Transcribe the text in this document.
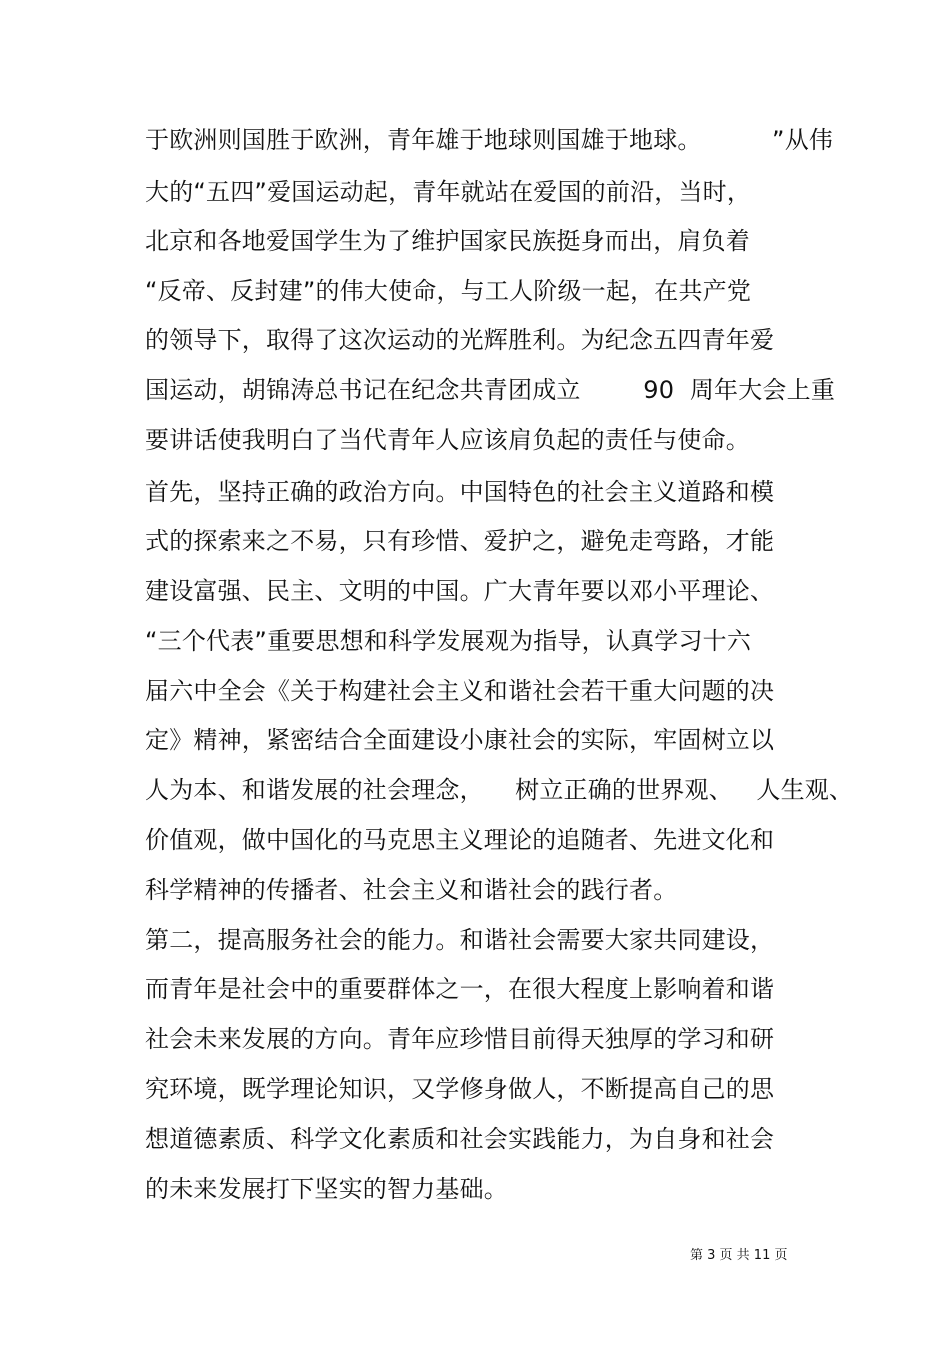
于欧洲则国胜于欧洲，青年雄于地球则国雄于地球。         ”从伟
大的“五四”爱国运动起，青年就站在爱国的前沿，当时，
北京和各地爱国学生为了维护国家民族挺身而出，肩负着
“反帝、反封建”的伟大使命，与工人阶级一起，在共产党
的领导下，取得了这次运动的光辉胜利。为纪念五四青年爱
国运动，胡锦涛总书记在纪念共青团成立        90  周年大会上重
要讲话使我明白了当代青年人应该肩负起的责任与使命。
首先，坚持正确的政治方向。中国特色的社会主义道路和模
式的探索来之不易，只有珍惜、爱护之，避免走弯路，才能
建设富强、民主、文明的中国。广大青年要以邓小平理论、
“三个代表”重要思想和科学发展观为指导，认真学习十六
届六中全会《关于构建社会主义和谐社会若干重大问题的决
定》精神，紧密结合全面建设小康社会的实际，牢固树立以
人为本、和谐发展的社会理念，    树立正确的世界观、   人生观、
价值观，做中国化的马克思主义理论的追随者、先进文化和
科学精神的传播者、社会主义和谐社会的践行者。
第二，提高服务社会的能力。和谐社会需要大家共同建设，
而青年是社会中的重要群体之一，在很大程度上影响着和谐
社会未来发展的方向。青年应珍惜目前得天独厚的学习和研
究环境，既学理论知识，又学修身做人，不断提高自己的思
想道德素质、科学文化素质和社会实践能力，为自身和社会
的未来发展打下坚实的智力基础。
第 3 页 共 11 页
